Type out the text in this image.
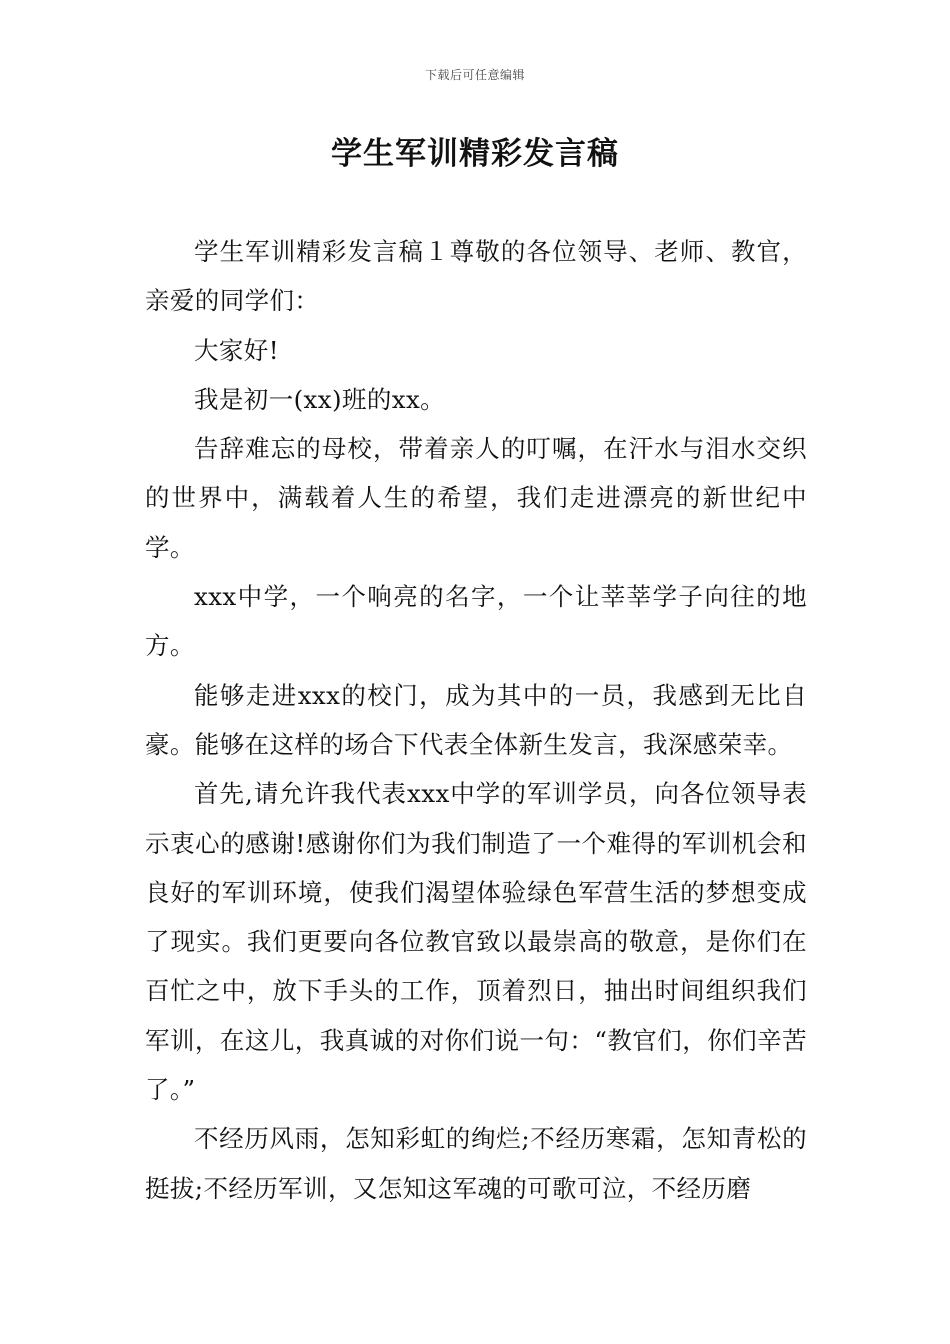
下载后可任意编辑
学生军训精彩发言稿

学生军训精彩发言稿１尊敬的各位领导、老师、教官，亲爱的同学们：

大家好!

我是初一(xx)班的xx。

告辞难忘的母校，带着亲人的叮嘱，在汗水与泪水交织的世界中，满载着人生的希望，我们走进漂亮的新世纪中学。

xxx中学，一个响亮的名字，一个让莘莘学子向往的地方。

能够走进xxx的校门，成为其中的一员，我感到无比自豪。能够在这样的场合下代表全体新生发言，我深感荣幸。

首先,请允许我代表xxx中学的军训学员，向各位领导表示衷心的感谢!感谢你们为我们制造了一个难得的军训机会和良好的军训环境，使我们渴望体验绿色军营生活的梦想变成了现实。我们更要向各位教官致以最崇高的敬意，是你们在百忙之中，放下手头的工作，顶着烈日，抽出时间组织我们军训，在这儿，我真诚的对你们说一句：“教官们，你们辛苦了。”

不经历风雨，怎知彩虹的绚烂;不经历寒霜，怎知青松的挺拔;不经历军训，又怎知这军魂的可歌可泣，不经历磨
